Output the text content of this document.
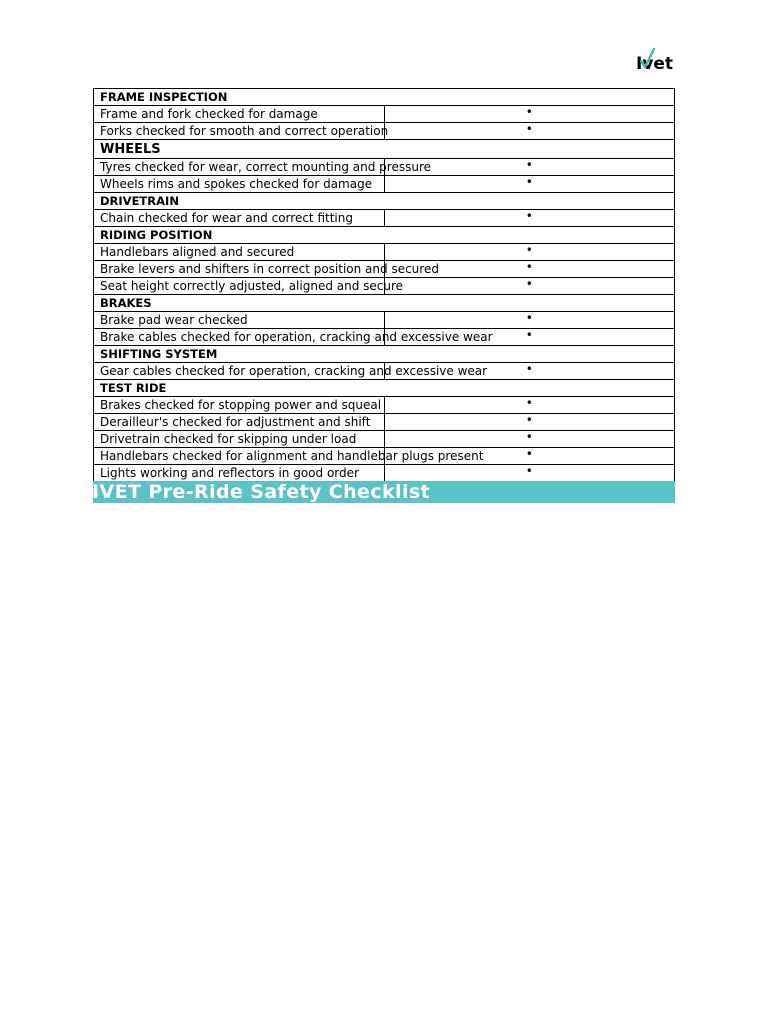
Ivet
FRAME INSPECTION	
Frame and fork checked for damage	•
Forks checked for smooth and correct operation	•
WHEELS	
Tyres checked for wear, correct mounting and pressure	•
Wheels rims and spokes checked for damage	•
DRIVETRAIN	
Chain checked for wear and correct fitting	•
RIDING POSITION	
Handlebars aligned and secured	•
Brake levers and shifters in correct position and secured	•
Seat height correctly adjusted, aligned and secure	•
BRAKES	
Brake pad wear checked	•
Brake cables checked for operation, cracking and excessive wear	•
SHIFTING SYSTEM	
Gear cables checked for operation, cracking and excessive wear	•
TEST RIDE	
Brakes checked for stopping power and squeal	•
Derailleur's checked for adjustment and shift	•
Drivetrain checked for skipping under load	•
Handlebars checked for alignment and handlebar plugs present	•
Lights working and reflectors in good order	•
IVET Pre-Ride Safety Checklist
